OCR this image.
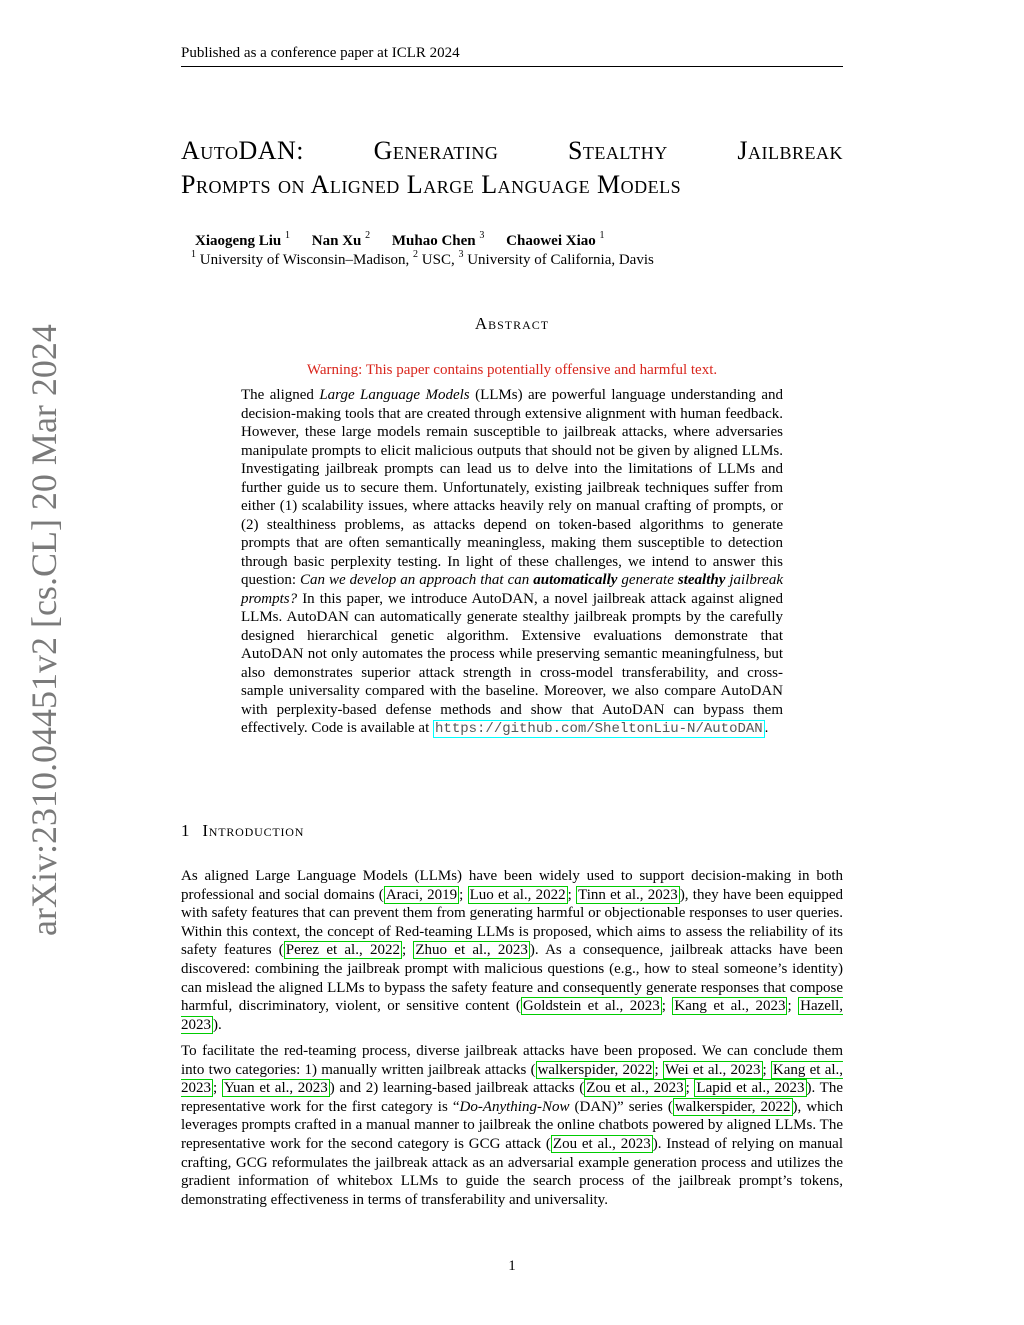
Published as a conference paper at ICLR 2024
arXiv:2310.04451v2 [cs.CL] 20 Mar 2024
AutoDAN:	Generating	Stealthy	Jailbreak
Prompts on Aligned Large Language Models
Xiaogeng Liu $^1$ Nan Xu $^2$ Muhao Chen $^3$ Chaowei Xiao $^1$
$^1$ University of Wisconsin–Madison, $^2$ USC, $^3$ University of California, Davis
Abstract
Warning: This paper contains potentially offensive and harmful text.
The aligned Large Language Models (LLMs) are powerful language understanding and decision-making tools that are created through extensive alignment with human feedback. However, these large models remain susceptible to jailbreak attacks, where adversaries manipulate prompts to elicit malicious outputs that should not be given by aligned LLMs. Investigating jailbreak prompts can lead us to delve into the limitations of LLMs and further guide us to secure them. Unfortunately, existing jailbreak techniques suffer from either (1) scalability issues, where attacks heavily rely on manual crafting of prompts, or (2) stealthiness problems, as attacks depend on token-based algorithms to generate prompts that are often semantically meaningless, making them susceptible to detection through basic perplexity testing. In light of these challenges, we intend to answer this question: Can we develop an approach that can automatically generate stealthy jailbreak prompts? In this paper, we introduce AutoDAN, a novel jailbreak attack against aligned LLMs. AutoDAN can automatically generate stealthy jailbreak prompts by the carefully designed hierarchical genetic algorithm. Extensive evaluations demonstrate that AutoDAN not only automates the process while preserving semantic meaningfulness, but also demonstrates superior attack strength in cross-model transferability, and cross-sample universality compared with the baseline. Moreover, we also compare AutoDAN with perplexity-based defense methods and show that AutoDAN can bypass them effectively. Code is available at https://github.com/SheltonLiu-N/AutoDAN .
1 Introduction
As aligned Large Language Models (LLMs) have been widely used to support decision-making in both professional and social domains ( Araci, 2019 ; Luo et al., 2022 ; Tinn et al., 2023 ), they have been equipped with safety features that can prevent them from generating harmful or objectionable responses to user queries. Within this context, the concept of Red-teaming LLMs is proposed, which aims to assess the reliability of its safety features ( Perez et al., 2022 ; Zhuo et al., 2023 ). As a consequence, jailbreak attacks have been discovered: combining the jailbreak prompt with malicious questions (e.g., how to steal someone’s identity) can mislead the aligned LLMs to bypass the safety feature and consequently generate responses that compose harmful, discriminatory, violent, or sensitive content ( Goldstein et al., 2023 ; Kang et al., 2023 ; Hazell, 2023 ).
To facilitate the red-teaming process, diverse jailbreak attacks have been proposed. We can conclude them into two categories: 1) manually written jailbreak attacks ( walkerspider, 2022 ; Wei et al., 2023 ; Kang et al., 2023 ; Yuan et al., 2023 ) and 2) learning-based jailbreak attacks ( Zou et al., 2023 ; Lapid et al., 2023 ). The representative work for the first category is “Do-Anything-Now (DAN)” series ( walkerspider, 2022 ), which leverages prompts crafted in a manual manner to jailbreak the online chatbots powered by aligned LLMs. The representative work for the second category is GCG attack ( Zou et al., 2023 ). Instead of relying on manual crafting, GCG reformulates the jailbreak attack as an adversarial example generation process and utilizes the gradient information of whitebox LLMs to guide the search process of the jailbreak prompt’s tokens, demonstrating effectiveness in terms of transferability and universality.
1
